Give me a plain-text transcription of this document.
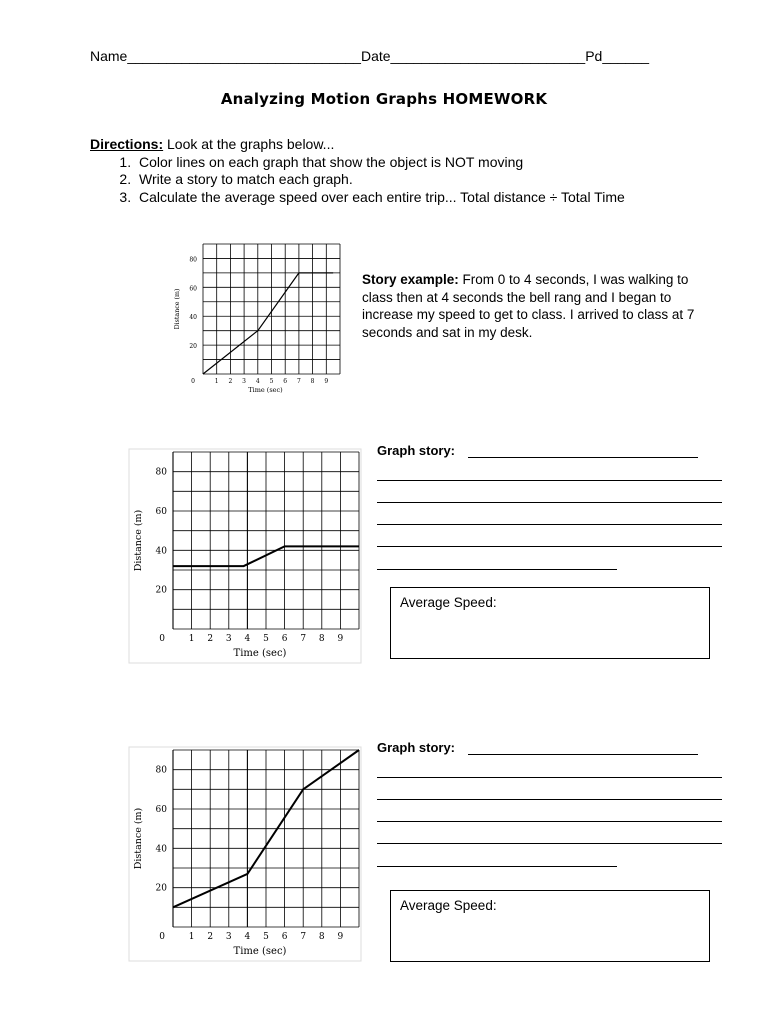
Name______________________________Date_________________________Pd______
Analyzing Motion Graphs HOMEWORK
Directions: Look at the graphs below...
1. Color lines on each graph that show the object is NOT moving
2. Write a story to match each graph.
3. Calculate the average speed over each entire trip... Total distance ÷ Total Time
1 2 3 4 5 6 7 8 9
0
20
40
60
80
Time (sec)
Distance (m)
Story example: From 0 to 4 seconds, I was walking to class then at 4 seconds the bell rang and I began to increase my speed to get to class. I arrived to class at 7 seconds and sat in my desk.
1 2 3 4 5 6 7 8 9
0
20
40
60
80
Time (sec)
Distance (m)
Graph story:
Average Speed:
1 2 3 4 5 6 7 8 9
0
20
40
60
80
Time (sec)
Distance (m)
Graph story:
Average Speed:
